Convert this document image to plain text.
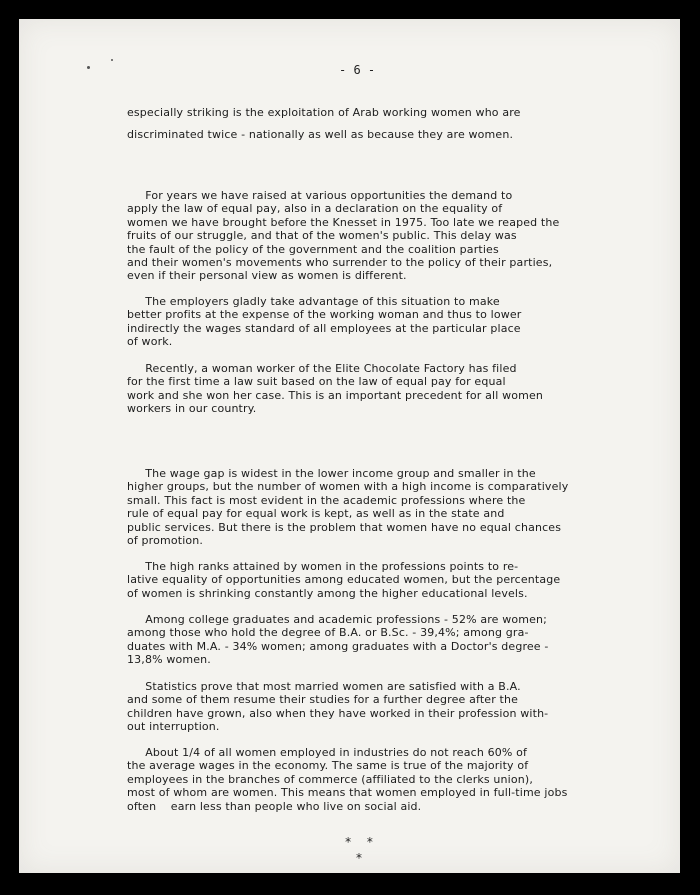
- 6 -

especially striking is the exploitation of Arab working women who are

discriminated twice - nationally as well as because they are women.

For years we have raised at various opportunities the demand to

apply the law of equal pay, also in a declaration on the equality of

women we have brought before the Knesset in 1975. Too late we reaped the

fruits of our struggle, and that of the women's public. This delay was

the fault of the policy of the government and the coalition parties

and their women's movements who surrender to the policy of their parties,

even if their personal view as women is different.

The employers gladly take advantage of this situation to make

better profits at the expense of the working woman and thus to lower

indirectly the wages standard of all employees at the particular place

of work.

Recently, a woman worker of the Elite Chocolate Factory has filed

for the first time a law suit based on the law of equal pay for equal

work and she won her case. This is an important precedent for all women

workers in our country.

The wage gap is widest in the lower income group and smaller in the

higher groups, but the number of women with a high income is comparatively

small. This fact is most evident in the academic professions where the

rule of equal pay for equal work is kept, as well as in the state and

public services. But there is the problem that women have no equal chances

of promotion.

The high ranks attained by women in the professions points to re-

lative equality of opportunities among educated women, but the percentage

of women is shrinking constantly among the higher educational levels.

Among college graduates and academic professions - 52% are women;

among those who hold the degree of B.A. or B.Sc. - 39,4%; among gra-

duates with M.A. - 34% women; among graduates with a Doctor's degree -

13,8% women.

Statistics prove that most married women are satisfied with a B.A.

and some of them resume their studies for a further degree after the

children have grown, also when they have worked in their profession with-

out interruption.

About 1/4 of all women employed in industries do not reach 60% of

the average wages in the economy. The same is true of the majority of

employees in the branches of commerce (affiliated to the clerks union),

most of whom are women. This means that women employed in full-time jobs

often    earn less than people who live on social aid.

*  *
*
